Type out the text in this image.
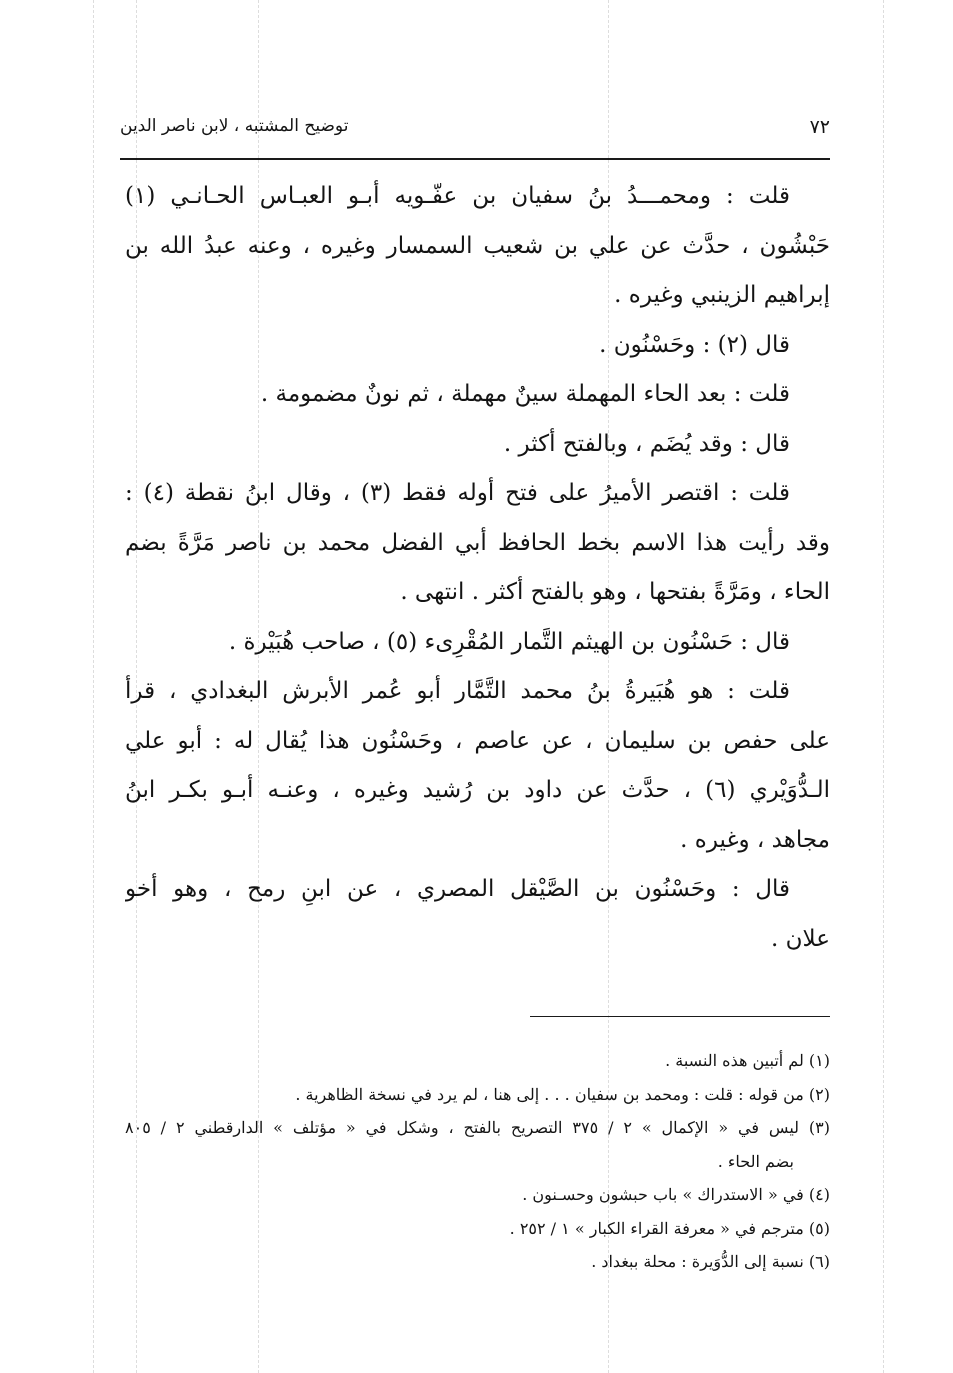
٧٢
توضيح المشتبه ، لابن ناصر الدين
قلت : ومحمـــدُ بنُ سفيان بن عفّـويه أبـو العبـاس الحـانـي (١)
حَبْشُون ، حدَّث عن علي بن شعيب السمسار وغيره ، وعنه عبدُ الله بن
إبراهيم الزينبي وغيره .
قال (٢) : وحَسْنُون .
قلت : بعد الحاء المهملة سينٌ مهملة ، ثم نونٌ مضمومة .
قال : وقد يُضَم ، وبالفتح أكثر .
قلت : اقتصر الأميرُ على فتح أوله فقط (٣) ، وقال ابنُ نقطة (٤) :
وقد رأيت هذا الاسم بخط الحافظ أبي الفضل محمد بن ناصر مَرَّةً بضم
الحاء ، ومَرَّةً بفتحها ، وهو بالفتح أكثر . انتهى .
قال : حَسْنُون بن الهيثم التَّمار المُقْرِىء (٥) ، صاحب هُبَيْرة .
قلت : هو هُبَيرةُ بنُ محمد التَّمَّار أبو عُمر الأبرش البغدادي ، قرأ
على حفص بن سليمان ، عن عاصم ، وحَسْنُون هذا يُقال له : أبو علي
الـدُّوَيْري (٦) ، حدَّث عن داود بن رُشيد وغيره ، وعنـه أبـو بكـر ابنُ
مجاهد ، وغيره .
قال : وحَسْنُون بن الصَّيْقل المصري ، عن ابنِ رمح ، وهو أخو
علان .
(١) لم أتبين هذه النسبة .
(٢) من قوله : قلت : ومحمد بن سفيان . . . إلى هنا ، لم يرد في نسخة الظاهرية .
(٣) ليس في « الإكمال » ٢ / ٣٧٥ التصريح بالفتح ، وشكل في « مؤتلف » الدارقطني ٢ / ٨٠٥
بضم الحاء .
(٤) في « الاستدراك » باب حبشون وحسـنون .
(٥) مترجم في « معرفة القراء الكبار » ١ / ٢٥٢ .
(٦) نسبة إلى الدُّوَيرة : محلة ببغداد .
